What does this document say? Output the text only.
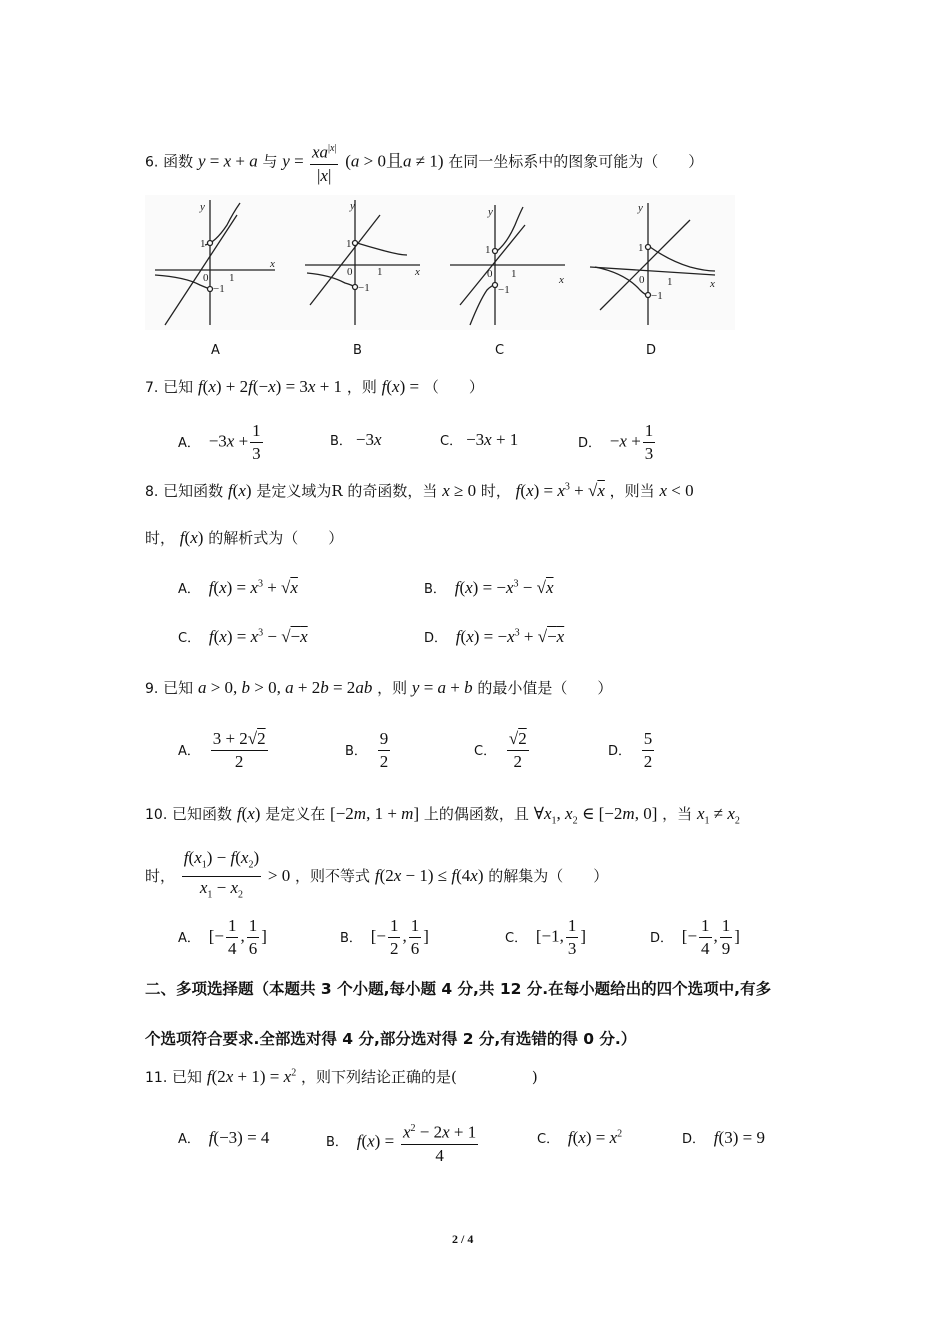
6. 函数 y = x + a 与 $y = \frac{xa^{|x|}}{|x|} (a > 0$且a ≠ 1) 在同一坐标系中的图象可能为（　　）
y
x
y
x
y
x
y
x
1
0 1
−1
1
0 1
−1
1
0 1
−1
1
0 1
−1
A	B	C	D
7. 已知 f(x) + 2f(−x) = 3x + 1 ，则 f(x) = （　　）
A． $-3x + \frac{1}{3}$	B． −3x	C． −3x + 1	D． $-x + \frac{1}{3}$
8. 已知函数 f(x) 是定义域为R 的奇函数，当 x ≥ 0 时， $f(x) = x^3 + √x$ ，则当 x < 0
时， f(x) 的解析式为（　　）
A． $f(x) = x^3 + √x$	B． $f(x) = -x^3 - √x$
C． $f(x) = x^3 - √-x$	D． $f(x) = -x^3 + √-x$
9. 已知 a > 0, b > 0, a + 2b = 2ab ，则 y = a + b 的最小值是（　　）
A． $\frac{3 + 2√2}{2}$	B． $\frac{9}{2}$	C． $\frac{√2}{2}$	D． $\frac{5}{2}$
10. 已知函数 f(x) 是定义在 [−2m, 1 + m] 上的偶函数，且 $\forall x_1$, $x_2$ ∈ [−2m, 0] ，当 $x_1 \ne x_2$
时， $\frac{f(x_1) - f(x_2)}{x_1 - x_2} > 0$ ，则不等式 f(2x − 1) ≤ f(4x) 的解集为（　　）
A． [− $\frac{1}{4}$ , $\frac{1}{6}$ ]	B． [− $\frac{1}{2}$ , $\frac{1}{6}$ ]	C． [−1, $\frac{1}{3}$ ]	D． [− $\frac{1}{4}$ , $\frac{1}{9}$ ]
二、多项选择题（本题共 3 个小题,每小题 4 分,共 12 分.在每小题给出的四个选项中,有多
个选项符合要求.全部选对得 4 分,部分选对得 2 分,有选错的得 0 分.）
11. 已知 $f(2x + 1) = x^2$ ，则下列结论正确的是(　　　　　)
A． f(−3) = 4	B． $f(x) = \frac{x^2 - 2x + 1}{4}$	C． $f(x) = x^2$	D． f(3) = 9
2 / 4
